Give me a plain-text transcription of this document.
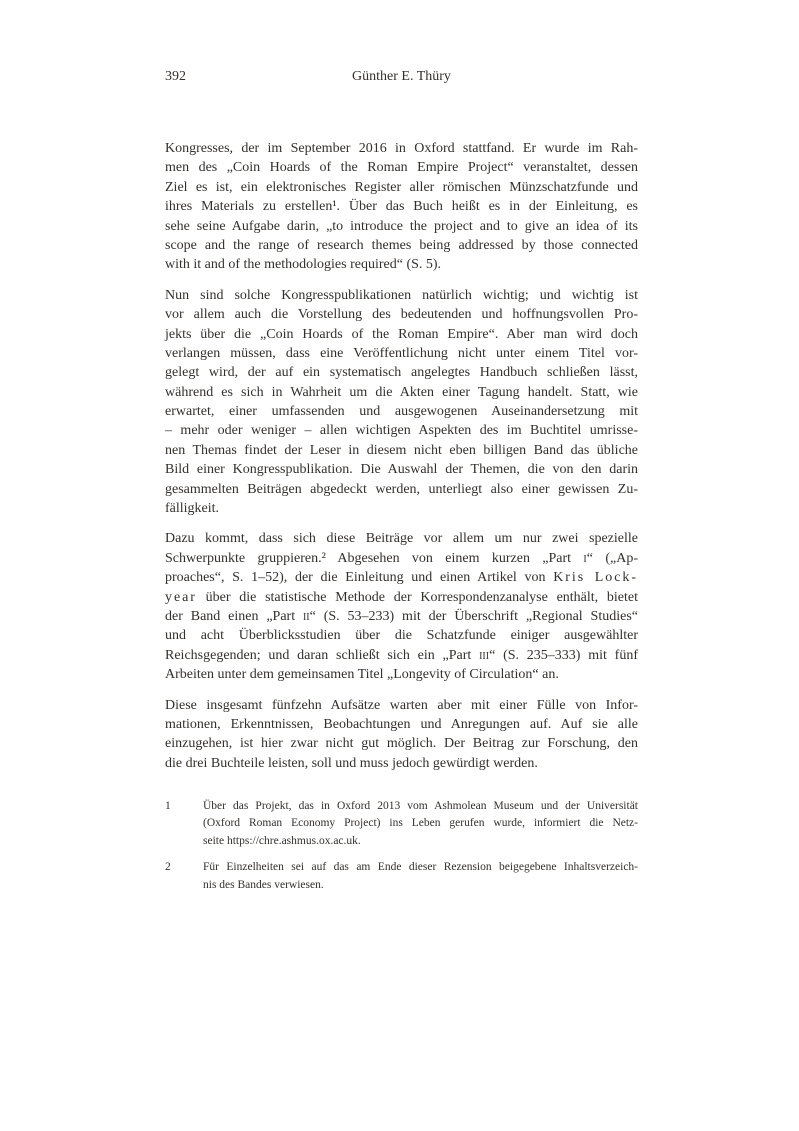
392	Günther E. Thüry
Kongresses, der im September 2016 in Oxford stattfand. Er wurde im Rah-
men des „Coin Hoards of the Roman Empire Project“ veranstaltet, dessen
Ziel es ist, ein elektronisches Register aller römischen Münzschatzfunde und
ihres Materials zu erstellen¹. Über das Buch heißt es in der Einleitung, es
sehe seine Aufgabe darin, „to introduce the project and to give an idea of its
scope and the range of research themes being addressed by those connected
with it and of the methodologies required“ (S. 5).
Nun sind solche Kongresspublikationen natürlich wichtig; und wichtig ist
vor allem auch die Vorstellung des bedeutenden und hoffnungsvollen Pro-
jekts über die „Coin Hoards of the Roman Empire“. Aber man wird doch
verlangen müssen, dass eine Veröffentlichung nicht unter einem Titel vor-
gelegt wird, der auf ein systematisch angelegtes Handbuch schließen lässt,
während es sich in Wahrheit um die Akten einer Tagung handelt. Statt, wie
erwartet, einer umfassenden und ausgewogenen Auseinandersetzung mit
– mehr oder weniger – allen wichtigen Aspekten des im Buchtitel umrisse-
nen Themas findet der Leser in diesem nicht eben billigen Band das übliche
Bild einer Kongresspublikation. Die Auswahl der Themen, die von den darin
gesammelten Beiträgen abgedeckt werden, unterliegt also einer gewissen Zu-
fälligkeit.
Dazu kommt, dass sich diese Beiträge vor allem um nur zwei spezielle
Schwerpunkte gruppieren.² Abgesehen von einem kurzen „Part i“ („Ap-
proaches“, S. 1–52), der die Einleitung und einen Artikel von Kris Lock-
year über die statistische Methode der Korrespondenzanalyse enthält, bietet
der Band einen „Part ii“ (S. 53–233) mit der Überschrift „Regional Studies“
und acht Überblicksstudien über die Schatzfunde einiger ausgewählter
Reichsgegenden; und daran schließt sich ein „Part iii“ (S. 235–333) mit fünf
Arbeiten unter dem gemeinsamen Titel „Longevity of Circulation“ an.
Diese insgesamt fünfzehn Aufsätze warten aber mit einer Fülle von Infor-
mationen, Erkenntnissen, Beobachtungen und Anregungen auf. Auf sie alle
einzugehen, ist hier zwar nicht gut möglich. Der Beitrag zur Forschung, den
die drei Buchteile leisten, soll und muss jedoch gewürdigt werden.
1	Über das Projekt, das in Oxford 2013 vom Ashmolean Museum und der Universität
(Oxford Roman Economy Project) ins Leben gerufen wurde, informiert die Netz-
seite https://chre.ashmus.ox.ac.uk.
2	Für Einzelheiten sei auf das am Ende dieser Rezension beigegebene Inhaltsverzeich-
nis des Bandes verwiesen.
